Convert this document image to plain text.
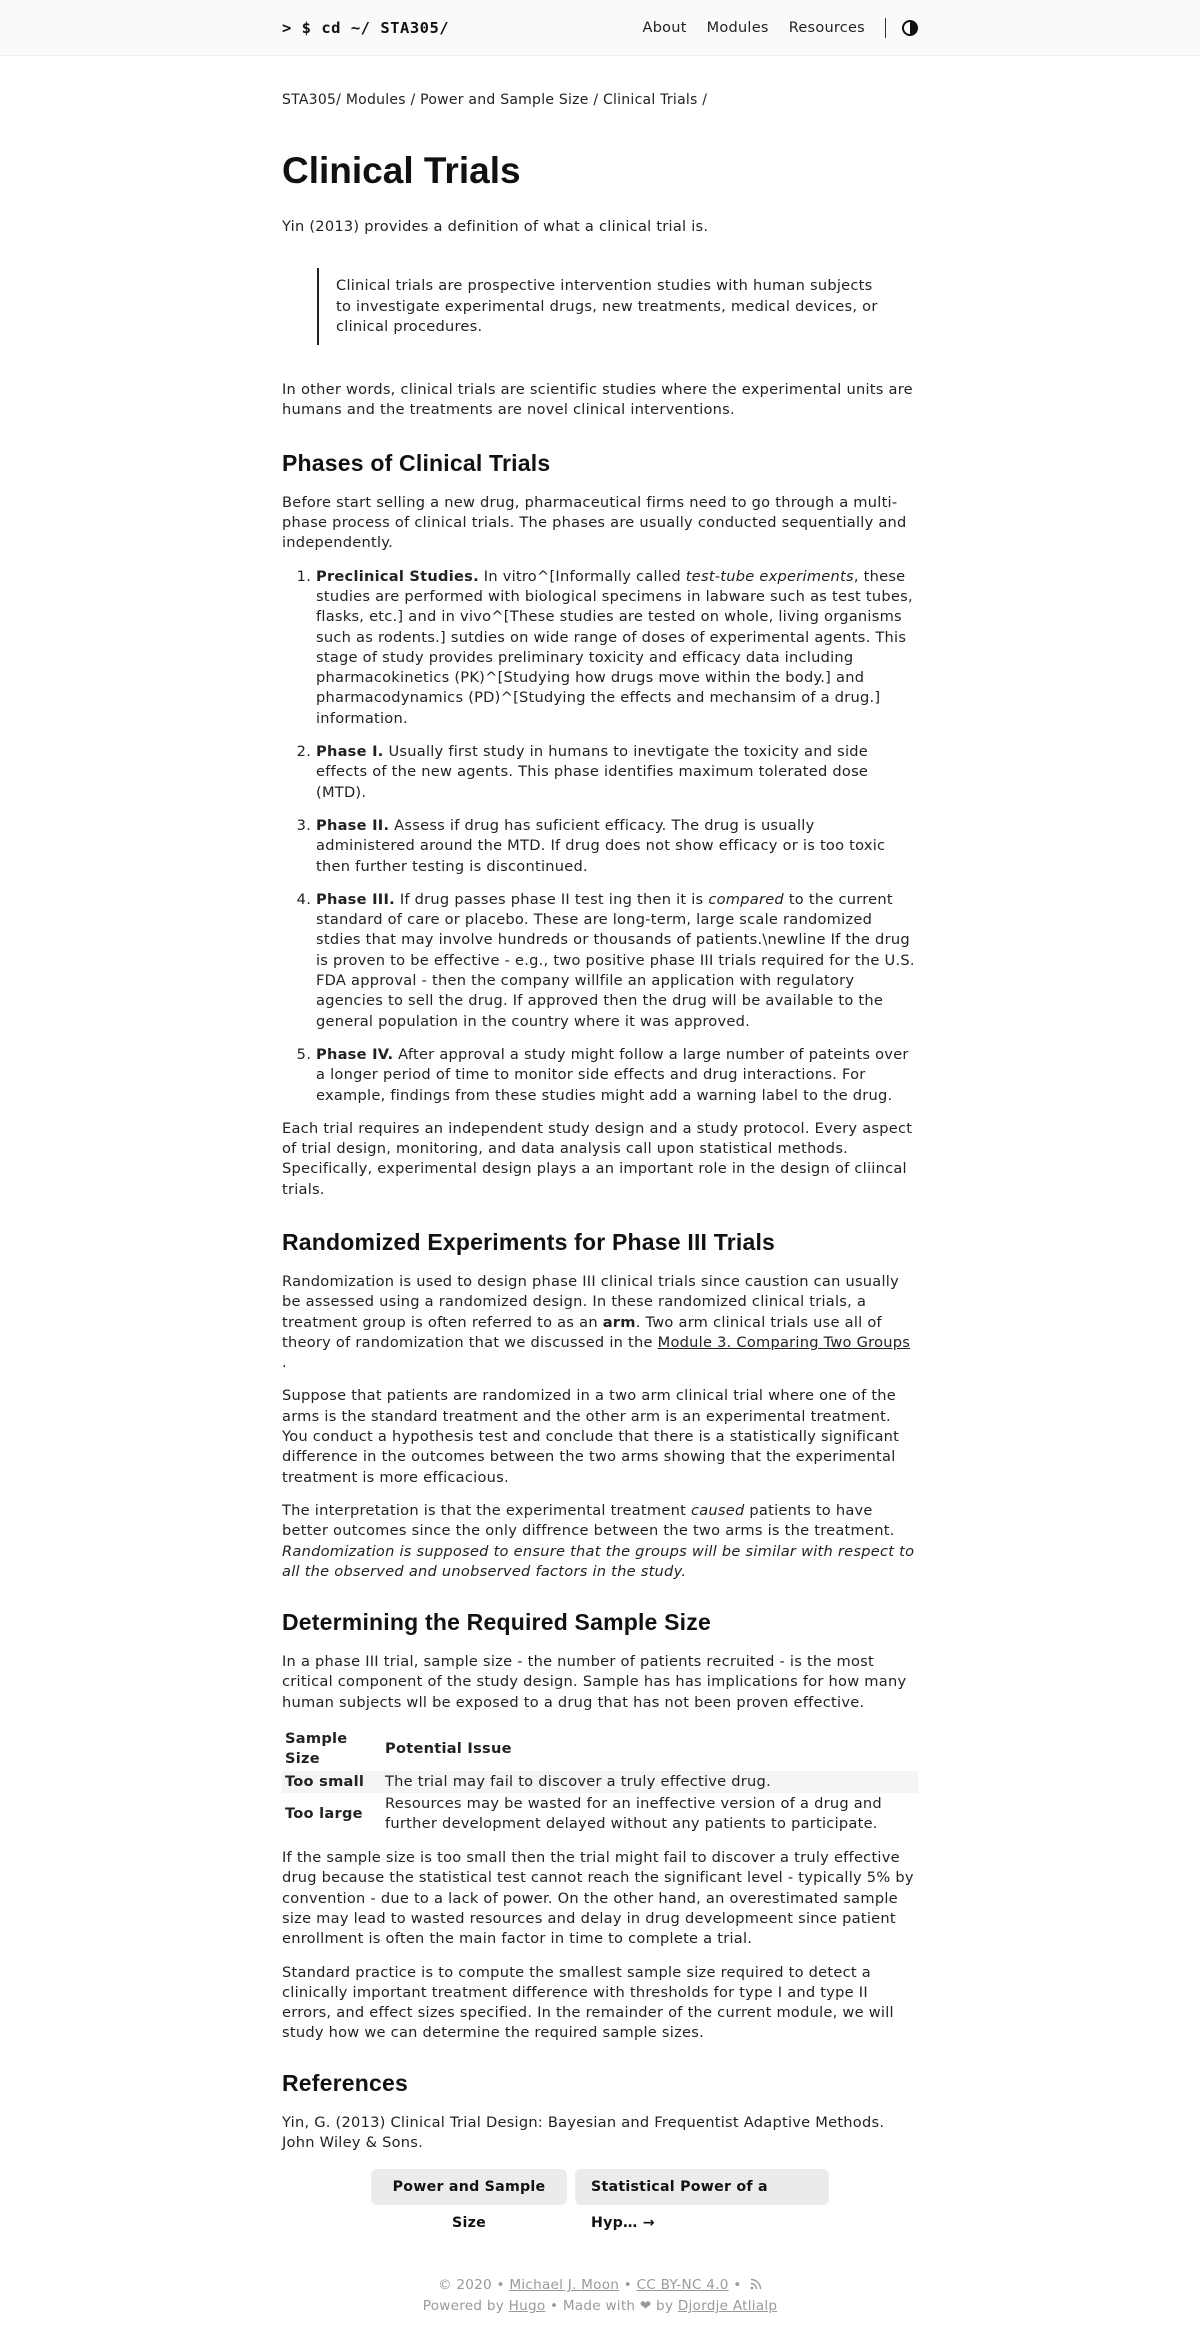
> $ cd ~/ STA305/	About Modules Resources
STA305/ Modules / Power and Sample Size / Clinical Trials /
Clinical Trials

Yin (2013) provides a definition of what a clinical trial is.

Clinical trials are prospective intervention studies with human subjects to investigate experimental drugs, new treatments, medical devices, or clinical procedures.

In other words, clinical trials are scientific studies where the experimental units are humans and the treatments are novel clinical interventions.

Phases of Clinical Trials

Before start selling a new drug, pharmaceutical firms need to go through a multi-phase process of clinical trials. The phases are usually conducted sequentially and independently.

1. Preclinical Studies. In vitro^[Informally called test-tube experiments, these studies are performed with biological specimens in labware such as test tubes, flasks, etc.] and in vivo^[These studies are tested on whole, living organisms such as rodents.] sutdies on wide range of doses of experimental agents. This stage of study provides preliminary toxicity and efficacy data including pharmacokinetics (PK)^[Studying how drugs move within the body.] and pharmacodynamics (PD)^[Studying the effects and mechansim of a drug.] information.
2. Phase I. Usually first study in humans to inevtigate the toxicity and side effects of the new agents. This phase identifies maximum tolerated dose (MTD).
3. Phase II. Assess if drug has suficient efficacy. The drug is usually administered around the MTD. If drug does not show efficacy or is too toxic then further testing is discontinued.
4. Phase III. If drug passes phase II test ing then it is compared to the current standard of care or placebo. These are long-term, large scale randomized stdies that may involve hundreds or thousands of patients.\newline If the drug is proven to be effective - e.g., two positive phase III trials required for the U.S. FDA approval - then the company willfile an application with regulatory agencies to sell the drug. If approved then the drug will be available to the general population in the country where it was approved.
5. Phase IV. After approval a study might follow a large number of pateints over a longer period of time to monitor side effects and drug interactions. For example, findings from these studies might add a warning label to the drug.

Each trial requires an independent study design and a study protocol. Every aspect of trial design, monitoring, and data analysis call upon statistical methods. Specifically, experimental design plays a an important role in the design of cliincal trials.

Randomized Experiments for Phase III Trials

Randomization is used to design phase III clinical trials since caustion can usually be assessed using a randomized design. In these randomized clinical trials, a treatment group is often referred to as an arm. Two arm clinical trials use all of theory of randomization that we discussed in the Module 3. Comparing Two Groups .

Suppose that patients are randomized in a two arm clinical trial where one of the arms is the standard treatment and the other arm is an experimental treatment. You conduct a hypothesis test and conclude that there is a statistically significant difference in the outcomes between the two arms showing that the experimental treatment is more efficacious.

The interpretation is that the experimental treatment caused patients to have better outcomes since the only diffrence between the two arms is the treatment. Randomization is supposed to ensure that the groups will be similar with respect to all the observed and unobserved factors in the study.

Determining the Required Sample Size

In a phase III trial, sample size - the number of patients recruited - is the most critical component of the study design. Sample has has implications for how many human subjects wll be exposed to a drug that has not been proven effective.

Sample Size	Potential Issue
Too small	The trial may fail to discover a truly effective drug.
Too large	Resources may be wasted for an ineffective version of a drug and further development delayed without any patients to participate.

If the sample size is too small then the trial might fail to discover a truly effective drug because the statistical test cannot reach the significant level - typically 5% by convention - due to a lack of power. On the other hand, an overestimated sample size may lead to wasted resources and delay in drug developmeent since patient enrollment is often the main factor in time to complete a trial.

Standard practice is to compute the smallest sample size required to detect a clinically important treatment difference with thresholds for type I and type II errors, and effect sizes specified. In the remainder of the current module, we will study how we can determine the required sample sizes.

References

Yin, G. (2013) Clinical Trial Design: Bayesian and Frequentist Adaptive Methods. John Wiley & Sons.

Power and Sample Size
Statistical Power of a Hyp… →
© 2020 • Michael J. Moon • CC BY-NC 4.0 •
Powered by Hugo • Made with ❤ by Djordje Atlialp
